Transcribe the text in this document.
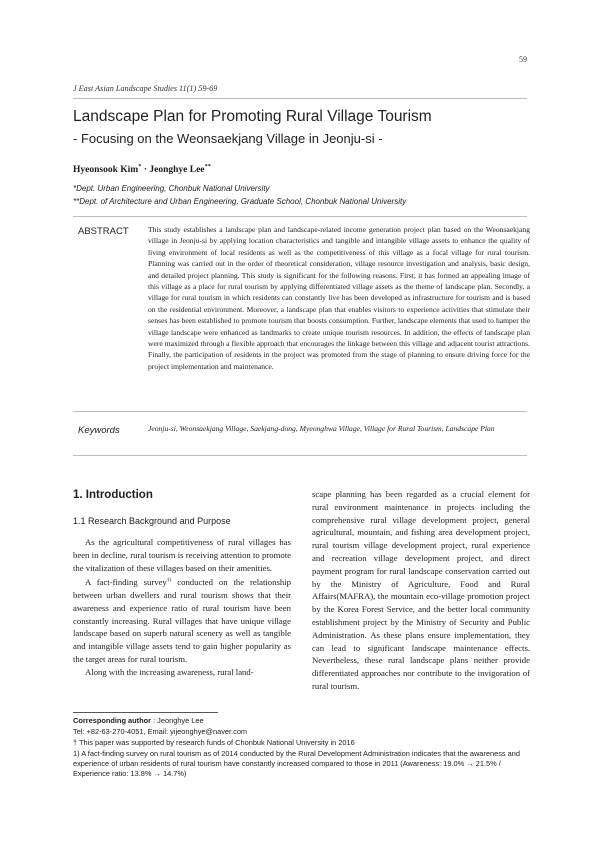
59
J East Asian Landscape Studies 11(1) 59-69
Landscape Plan for Promoting Rural Village Tourism
- Focusing on the Weonsaekjang Village in Jeonju-si -
Hyeonsook Kim* · Jeonghye Lee**
*Dept. Urban Engineering, Chonbuk National University
**Dept. of Architecture and Urban Engineering, Graduate School, Chonbuk National University
ABSTRACT	This study establishes a landscape plan and landscape-related income generation project plan based on the Weonsaekjang village in Jeonju-si by applying location characteristics and tangible and intangible village assets to enhance the quality of living environment of local residents as well as the competitiveness of this village as a focal village for rural tourism. Planning was carried out in the order of theoretical consideration, village resource investigation and analysis, basic design, and detailed project planning. This study is significant for the following reasons. First, it has formed an appealing image of this village as a place for rural tourism by applying differentiated village assets as the theme of landscape plan. Secondly, a village for rural tourism in which residents can constantly live has been developed as infrastructure for tourism and is based on the residential environment. Moreover, a landscape plan that enables visitors to experience activities that stimulate their senses has been established to promote tourism that boosts consumption. Further, landscape elements that used to hamper the village landscape were enhanced as landmarks to create unique tourism resources. In addition, the effects of landscape plan were maximized through a flexible approach that encourages the linkage between this village and adjacent tourist attractions. Finally, the participation of residents in the project was promoted from the stage of planning to ensure driving force for the project implementation and maintenance.
Keywords	Jeonju-si, Weonsaekjang Village, Saekjang-dong, Myeonghwa Village, Village for Rural Tourism, Landscape Plan
1. Introduction
1.1 Research Background and Purpose

As the agricultural competitiveness of rural villages has been in decline, rural tourism is receiving attention to promote the vitalization of these villages based on their amenities.

A fact-finding survey$^{1)}$ conducted on the relationship between urban dwellers and rural tourism shows that their awareness and experience ratio of rural tourism have been constantly increasing. Rural villages that have unique village landscape based on superb natural scenery as well as tangible and intangible village assets tend to gain higher popularity as the target areas for rural tourism.

Along with the increasing awareness, rural land-

scape planning has been regarded as a crucial element for rural environment maintenance in projects including the comprehensive rural village development project, general agricultural, mountain, and fishing area development project, rural tourism village development project, rural experience and recreation village development project, and direct payment program for rural landscape conservation carried out by the Ministry of Agriculture, Food and Rural Affairs(MAFRA), the mountain eco-village promotion project by the Korea Forest Service, and the better local community establishment project by the Ministry of Security and Public Administration. As these plans ensure implementation, they can lead to significant landscape maintenance effects. Nevertheless, these rural landscape plans neither provide differentiated approaches nor contribute to the invigoration of rural tourism.

Corresponding author : Jeonghye Lee
Tel: +82-63-270-4051, Email: yijeonghye@naver.com
† This paper was supported by research funds of Chonbuk National University in 2016
1) A fact-finding survey on rural tourism as of 2014 conducted by the Rural Development Administration indicates that the awareness and experience of urban residents of rural tourism have constantly increased compared to those in 2011 (Awareness: 19.0% → 21.5% / Experience ratio: 13.8% → 14.7%)
